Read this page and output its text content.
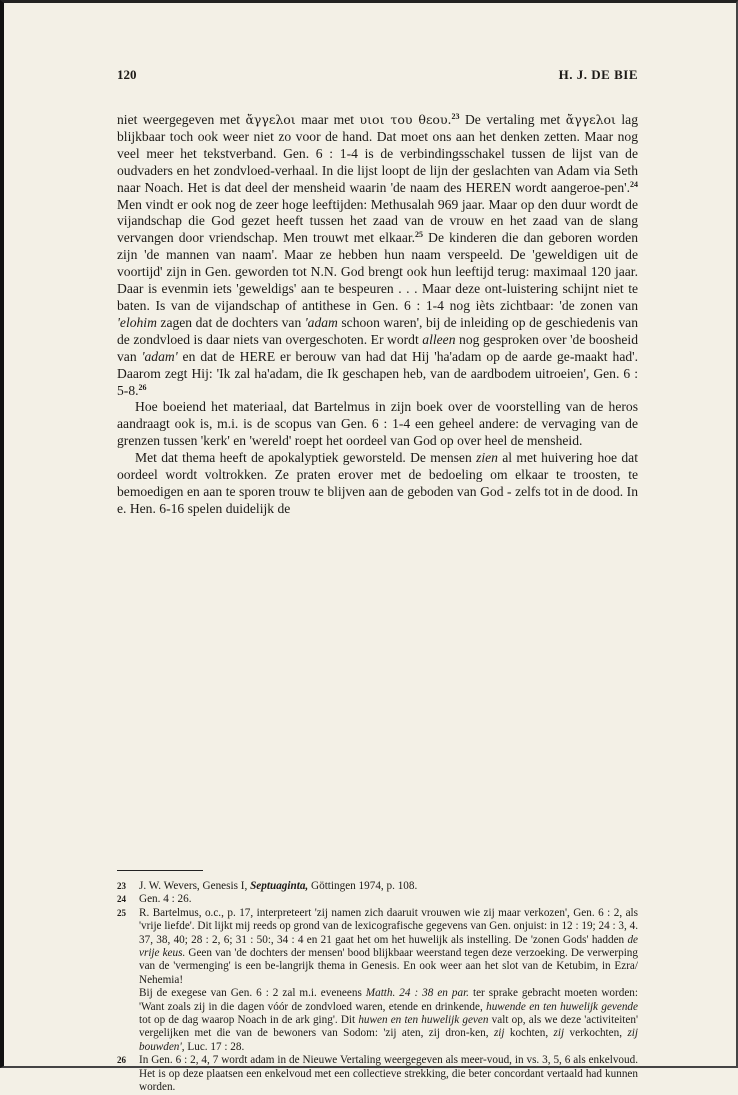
120	H. J. DE BIE

niet weergegeven met ἄγγελοι maar met υιοι του θεου.$^{23}$ De vertaling met ἄγγελοι lag blijkbaar toch ook weer niet zo voor de hand. Dat moet ons aan het denken zetten. Maar nog veel meer het tekstverband. Gen. 6 : 1-4 is de verbindingsschakel tussen de lijst van de oudvaders en het zondvloed-verhaal. In die lijst loopt de lijn der geslachten van Adam via Seth naar Noach. Het is dat deel der mensheid waarin 'de naam des HEREN wordt aangeroe-pen'.$^{24}$ Men vindt er ook nog de zeer hoge leeftijden: Methusalah 969 jaar. Maar op den duur wordt de vijandschap die God gezet heeft tussen het zaad van de vrouw en het zaad van de slang vervangen door vriendschap. Men trouwt met elkaar.$^{25}$ De kinderen die dan geboren worden zijn 'de mannen van naam'. Maar ze hebben hun naam verspeeld. De 'geweldigen uit de voortijd' zijn in Gen. geworden tot N.N. God brengt ook hun leeftijd terug: maximaal 120 jaar. Daar is evenmin iets 'geweldigs' aan te bespeuren . . . Maar deze ont-luistering schijnt niet te baten. Is van de vijandschap of antithese in Gen. 6 : 1-4 nog ièts zichtbaar: 'de zonen van 'elohim zagen dat de dochters van 'adam schoon waren', bij de inleiding op de geschiedenis van de zondvloed is daar niets van overgeschoten. Er wordt alleen nog gesproken over 'de boosheid van 'adam' en dat de HERE er berouw van had dat Hij 'ha'adam op de aarde ge-maakt had'. Daarom zegt Hij: 'Ik zal ha'adam, die Ik geschapen heb, van de aardbodem uitroeien', Gen. 6 : 5-8.26

Hoe boeiend het materiaal, dat Bartelmus in zijn boek over de voorstelling van de heros aandraagt ook is, m.i. is de scopus van Gen. 6 : 1-4 een geheel andere: de vervaging van de grenzen tussen 'kerk' en 'wereld' roept het oordeel van God op over heel de mensheid.

Met dat thema heeft de apokalyptiek geworsteld. De mensen zien al met huivering hoe dat oordeel wordt voltrokken. Ze praten erover met de bedoeling om elkaar te troosten, te bemoedigen en aan te sporen trouw te blijven aan de geboden van God - zelfs tot in de dood. In e. Hen. 6-16 spelen duidelijk de

23 J. W. Wevers, Genesis I, Septuaginta, Göttingen 1974, p. 108.
24 Gen. 4 : 26.
25 R. Bartelmus, o.c., p. 17, interpreteert 'zij namen zich daaruit vrouwen wie zij maar verkozen', Gen. 6 : 2, als 'vrije liefde'. Dit lijkt mij reeds op grond van de lexicografische gegevens van Gen. onjuist: in 12 : 19; 24 : 3, 4. 37, 38, 40; 28 : 2, 6; 31 : 50:, 34 : 4 en 21 gaat het om het huwelijk als instelling. De 'zonen Gods' hadden de vrije keus. Geen van 'de dochters der mensen' bood blijkbaar weerstand tegen deze verzoeking. De verwerping van de 'vermenging' is een be-langrijk thema in Genesis. En ook weer aan het slot van de Ketubim, in Ezra/ Nehemia!
Bij de exegese van Gen. 6 : 2 zal m.i. eveneens Matth. 24 : 38 en par. ter sprake gebracht moeten worden: 'Want zoals zij in die dagen vóór de zondvloed waren, etende en drinkende, huwende en ten huwelijk gevende tot op de dag waarop Noach in de ark ging'. Dit huwen en ten huwelijk geven valt op, als we deze 'activiteiten' vergelijken met die van de bewoners van Sodom: 'zij aten, zij dron-ken, zij kochten, zij verkochten, zij bouwden', Luc. 17 : 28.
26 In Gen. 6 : 2, 4, 7 wordt adam in de Nieuwe Vertaling weergegeven als meer-voud, in vs. 3, 5, 6 als enkelvoud. Het is op deze plaatsen een enkelvoud met een collectieve strekking, die beter concordant vertaald had kunnen worden.
